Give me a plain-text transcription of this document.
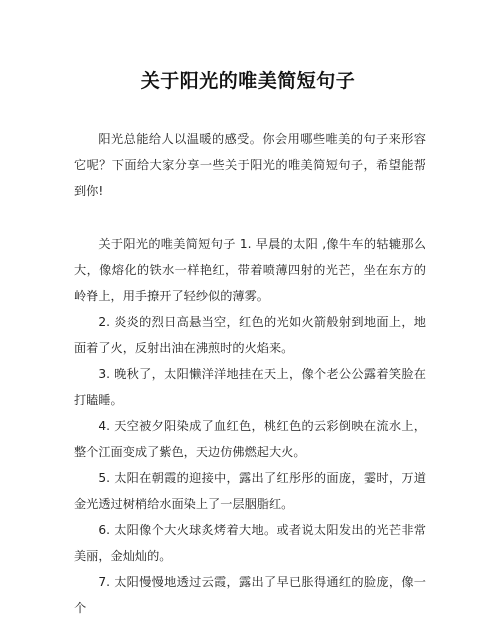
关于阳光的唯美简短句子

阳光总能给人以温暖的感受。你会用哪些唯美的句子来形容它呢？下面给大家分享一些关于阳光的唯美简短句子，希望能帮到你!

关于阳光的唯美简短句子 1. 早晨的太阳 ,像牛车的轱辘那么大，像熔化的铁水一样艳红，带着喷薄四射的光芒，坐在东方的岭脊上，用手撩开了轻纱似的薄雾。

2. 炎炎的烈日高悬当空，红色的光如火箭般射到地面上，地面着了火，反射出油在沸煎时的火焰来。

3. 晚秋了，太阳懒洋洋地挂在天上，像个老公公露着笑脸在打瞌睡。

4. 天空被夕阳染成了血红色，桃红色的云彩倒映在流水上，整个江面变成了紫色，天边仿佛燃起大火。

5. 太阳在朝霞的迎接中，露出了红彤彤的面庞，霎时，万道金光透过树梢给水面染上了一层胭脂红。

6. 太阳像个大火球炙烤着大地。或者说太阳发出的光芒非常美丽，金灿灿的。

7. 太阳慢慢地透过云霞，露出了早已胀得通红的脸庞，像一个
